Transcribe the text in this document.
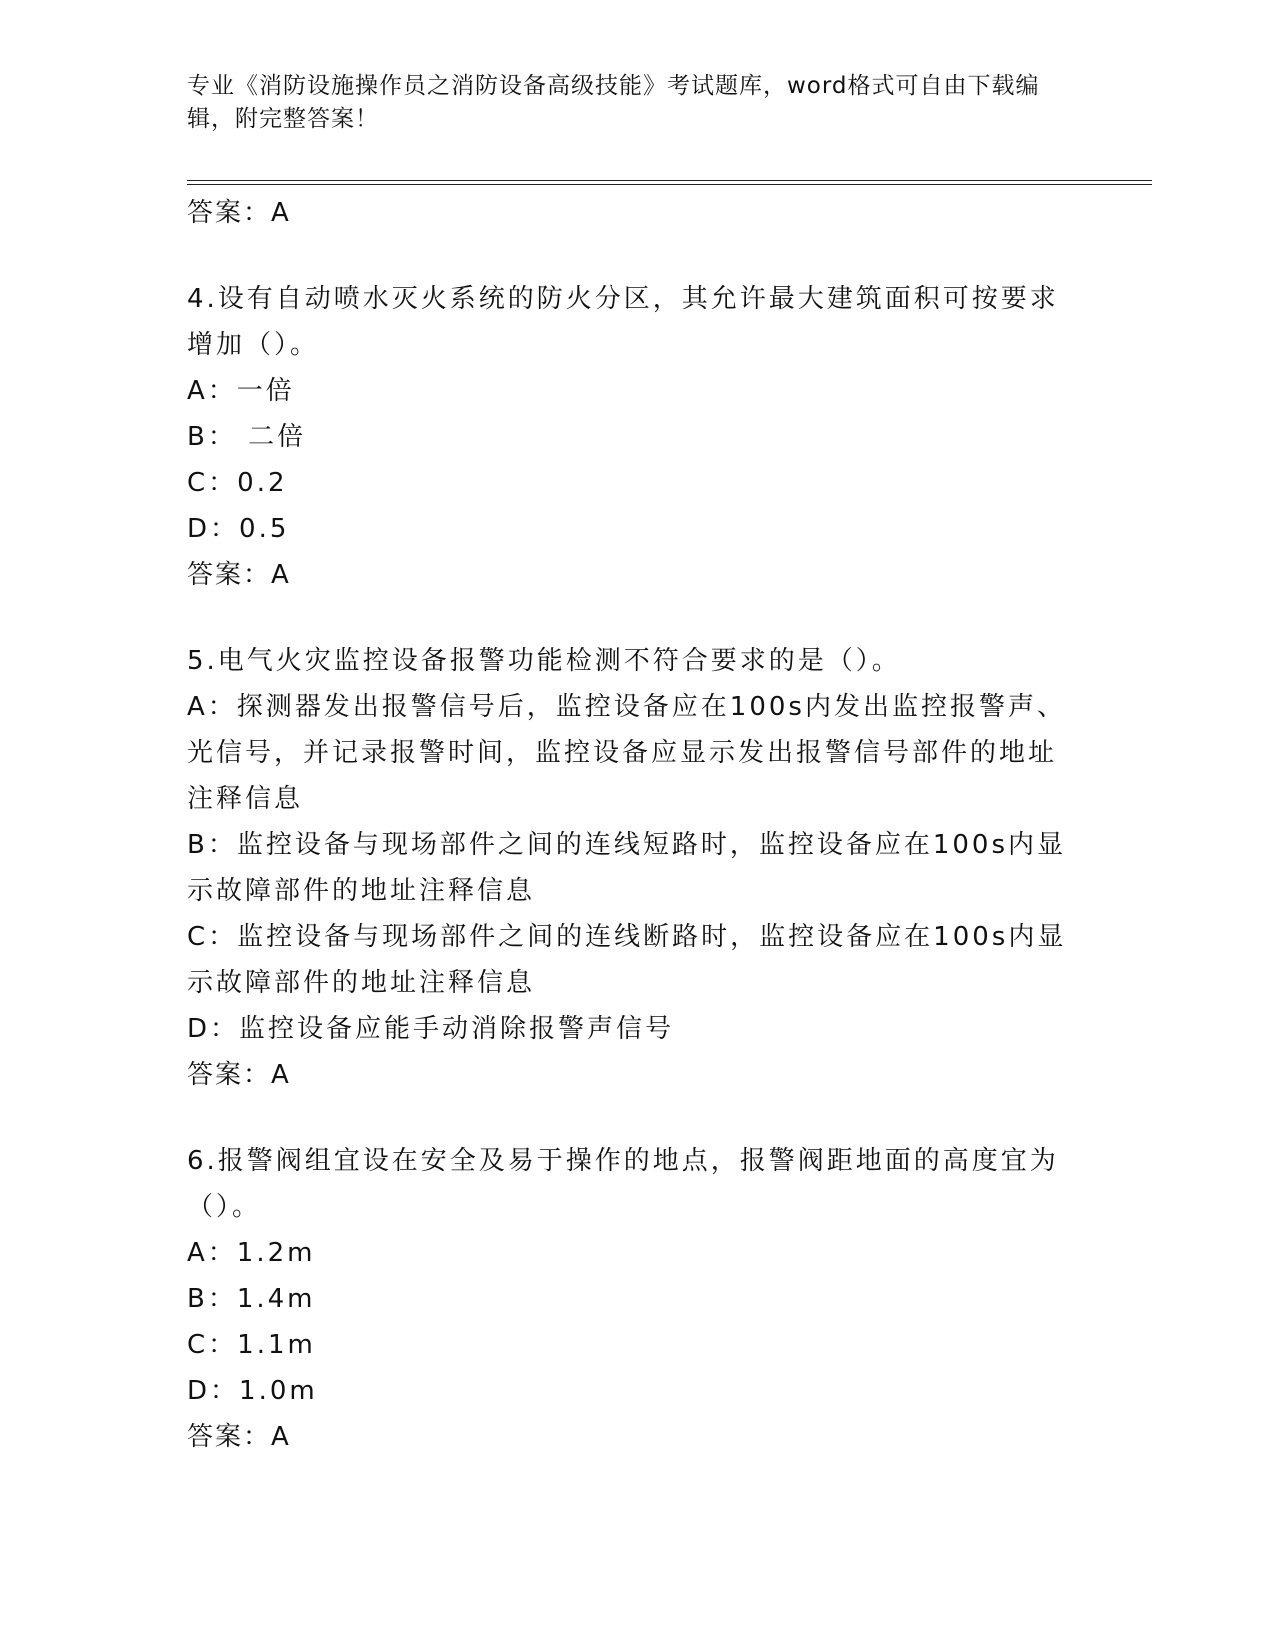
专业《消防设施操作员之消防设备高级技能》考试题库，word格式可自由下载编辑，附完整答案！
答案：A
4.设有自动喷水灭火系统的防火分区，其允许最大建筑面积可按要求增加（）。
A：一倍
B： 二倍
C：0.2
D：0.5
答案：A
5.电气火灾监控设备报警功能检测不符合要求的是（）。
A：探测器发出报警信号后，监控设备应在100s内发出监控报警声、光信号，并记录报警时间，监控设备应显示发出报警信号部件的地址注释信息
B：监控设备与现场部件之间的连线短路时，监控设备应在100s内显示故障部件的地址注释信息
C：监控设备与现场部件之间的连线断路时，监控设备应在100s内显示故障部件的地址注释信息
D：监控设备应能手动消除报警声信号
答案：A
6.报警阀组宜设在安全及易于操作的地点，报警阀距地面的高度宜为（）。
A：1.2m
B：1.4m
C：1.1m
D：1.0m
答案：A
